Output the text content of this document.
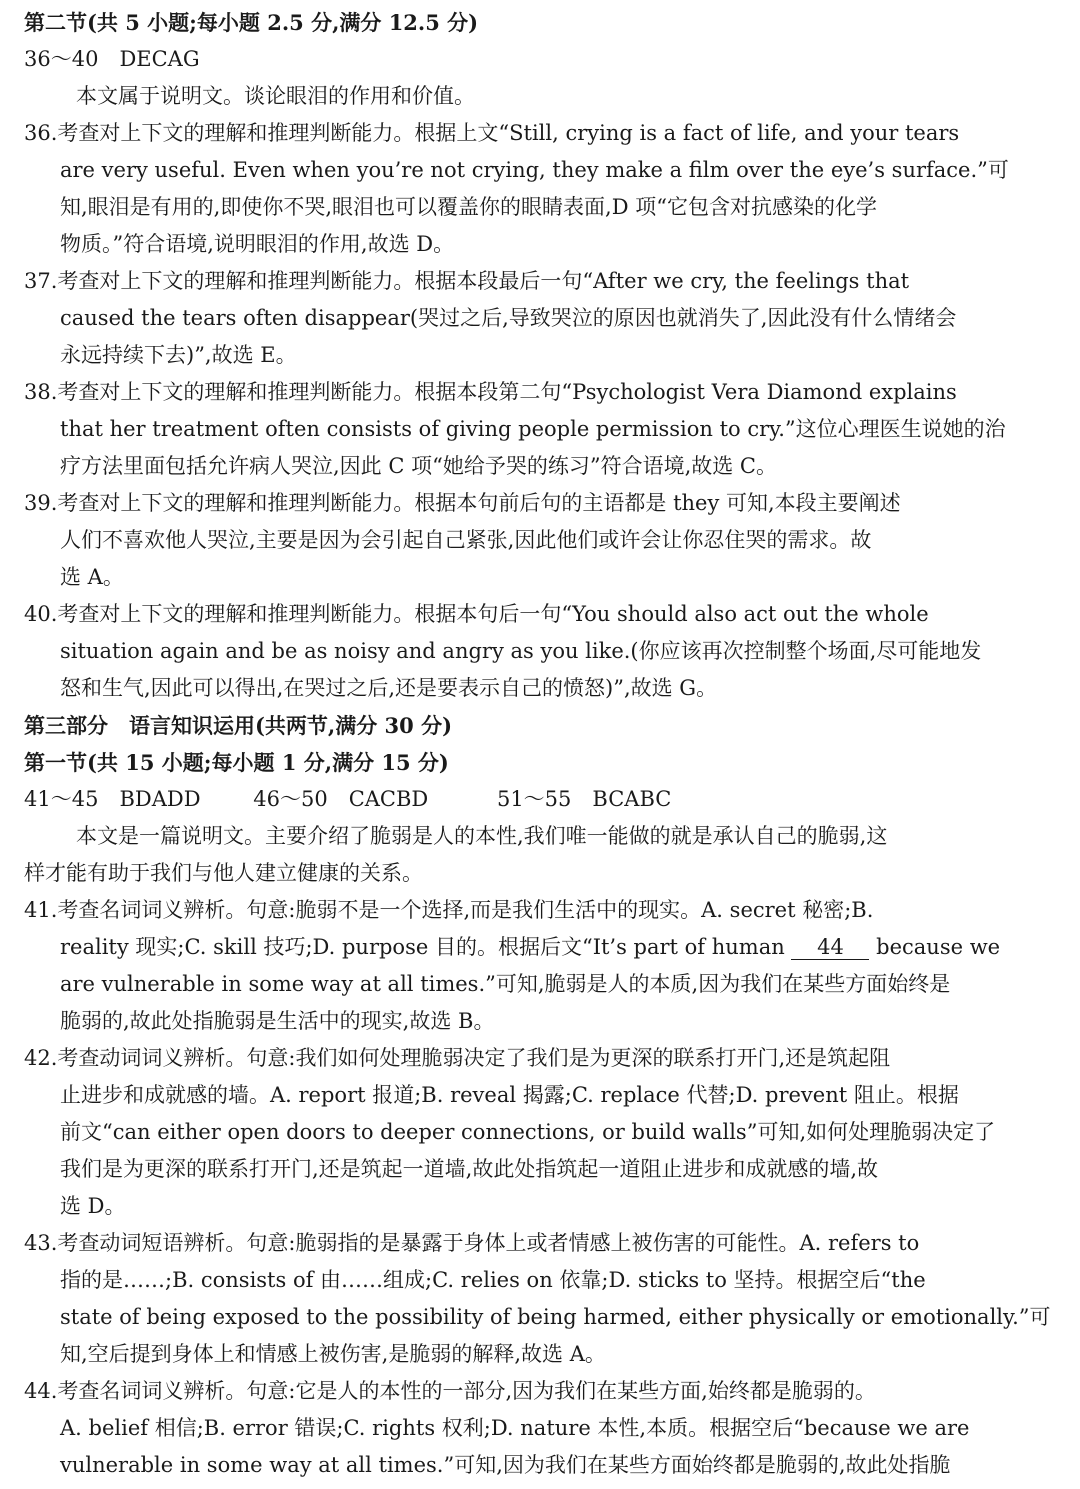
第二节(共 5 小题;每小题 2.5 分,满分 12.5 分)
36～40　DECAG
本文属于说明文。谈论眼泪的作用和价值。
36.考查对上下文的理解和推理判断能力。根据上文“Still, crying is a fact of life, and your tears
are very useful. Even when you’re not crying, they make a film over the eye’s surface.”可
知,眼泪是有用的,即使你不哭,眼泪也可以覆盖你的眼睛表面,D 项“它包含对抗感染的化学
物质。”符合语境,说明眼泪的作用,故选 D。
37.考查对上下文的理解和推理判断能力。根据本段最后一句“After we cry, the feelings that
caused the tears often disappear(哭过之后,导致哭泣的原因也就消失了,因此没有什么情绪会
永远持续下去)”,故选 E。
38.考查对上下文的理解和推理判断能力。根据本段第二句“Psychologist Vera Diamond explains
that her treatment often consists of giving people permission to cry.”这位心理医生说她的治
疗方法里面包括允许病人哭泣,因此 C 项“她给予哭的练习”符合语境,故选 C。
39.考查对上下文的理解和推理判断能力。根据本句前后句的主语都是 they 可知,本段主要阐述
人们不喜欢他人哭泣,主要是因为会引起自己紧张,因此他们或许会让你忍住哭的需求。故
选 A。
40.考查对上下文的理解和推理判断能力。根据本句后一句“You should also act out the whole
situation again and be as noisy and angry as you like.(你应该再次控制整个场面,尽可能地发
怒和生气,因此可以得出,在哭过之后,还是要表示自己的愤怒)”,故选 G。
第三部分　语言知识运用(共两节,满分 30 分)
第一节(共 15 小题;每小题 1 分,满分 15 分)
41～45　BDADD	46～50　CACBD	51～55　BCABC
本文是一篇说明文。主要介绍了脆弱是人的本性,我们唯一能做的就是承认自己的脆弱,这
样才能有助于我们与他人建立健康的关系。
41.考查名词词义辨析。句意:脆弱不是一个选择,而是我们生活中的现实。A. secret 秘密;B.
reality 现实;C. skill 技巧;D. purpose 目的。根据后文“It’s part of human 44 because we
are vulnerable in some way at all times.”可知,脆弱是人的本质,因为我们在某些方面始终是
脆弱的,故此处指脆弱是生活中的现实,故选 B。
42.考查动词词义辨析。句意:我们如何处理脆弱决定了我们是为更深的联系打开门,还是筑起阻
止进步和成就感的墙。A. report 报道;B. reveal 揭露;C. replace 代替;D. prevent 阻止。根据
前文“can either open doors to deeper connections, or build walls”可知,如何处理脆弱决定了
我们是为更深的联系打开门,还是筑起一道墙,故此处指筑起一道阻止进步和成就感的墙,故
选 D。
43.考查动词短语辨析。句意:脆弱指的是暴露于身体上或者情感上被伤害的可能性。A. refers to
指的是……;B. consists of 由……组成;C. relies on 依靠;D. sticks to 坚持。根据空后“the
state of being exposed to the possibility of being harmed, either physically or emotionally.”可
知,空后提到身体上和情感上被伤害,是脆弱的解释,故选 A。
44.考查名词词义辨析。句意:它是人的本性的一部分,因为我们在某些方面,始终都是脆弱的。
A. belief 相信;B. error 错误;C. rights 权利;D. nature 本性,本质。根据空后“because we are
vulnerable in some way at all times.”可知,因为我们在某些方面始终都是脆弱的,故此处指脆
